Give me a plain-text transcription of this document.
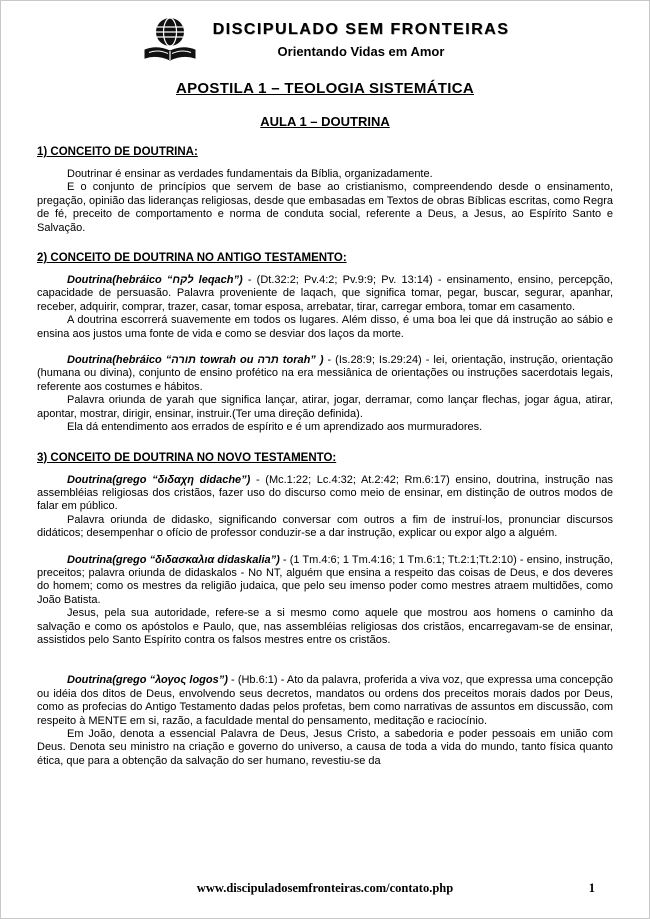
DISCIPULADO SEM FRONTEIRAS
Orientando Vidas em Amor
APOSTILA 1 – TEOLOGIA SISTEMÁTICA
AULA 1 – DOUTRINA
1) CONCEITO DE DOUTRINA:

Doutrinar é ensinar as verdades fundamentais da Bíblia, organizadamente.

E o conjunto de princípios que servem de base ao cristianismo, compreendendo desde o ensinamento, pregação, opinião das lideranças religiosas, desde que embasadas em Textos de obras Bíblicas escritas, como Regra de fé, preceito de comportamento e norma de conduta social, referente a Deus, a Jesus, ao Espírito Santo e Salvação.

2) CONCEITO DE DOUTRINA NO ANTIGO TESTAMENTO:

Doutrina(hebráico “לקח leqach”) - (Dt.32:2; Pv.4:2; Pv.9:9; Pv. 13:14) - ensinamento, ensino, percepção, capacidade de persuasão. Palavra proveniente de laqach, que significa tomar, pegar, buscar, segurar, apanhar, receber, adquirir, comprar, trazer, casar, tomar esposa, arrebatar, tirar, carregar embora, tomar em casamento.

A doutrina escorrerá suavemente em todos os lugares. Além disso, é uma boa lei que dá instrução ao sábio e ensina aos justos uma fonte de vida e como se desviar dos laços da morte.

Doutrina(hebráico “תורה towrah ou תרה torah” ) - (Is.28:9; Is.29:24) - lei, orientação, instrução, orientação (humana ou divina), conjunto de ensino profético na era messiânica de orientações ou instruções sacerdotais legais, referente aos costumes e hábitos.

Palavra oriunda de yarah que significa lançar, atirar, jogar, derramar, como lançar flechas, jogar água, atirar, apontar, mostrar, dirigir, ensinar, instruir.(Ter uma direção definida).

Ela dá entendimento aos errados de espírito e é um aprendizado aos murmuradores.

3) CONCEITO DE DOUTRINA NO NOVO TESTAMENTO:

Doutrina(grego “διδαχη didache”) - (Mc.1:22; Lc.4:32; At.2:42; Rm.6:17) ensino, doutrina, instrução nas assembléias religiosas dos cristãos, fazer uso do discurso como meio de ensinar, em distinção de outros modos de falar em público.

Palavra oriunda de didasko, significando conversar com outros a fim de instruí-los, pronunciar discursos didáticos; desempenhar o ofício de professor conduzir-se a dar instrução, explicar ou expor algo a alguém.

Doutrina(grego “διδασκαλια didaskalia”) - (1 Tm.4:6; 1 Tm.4:16; 1 Tm.6:1; Tt.2:1;Tt.2:10) - ensino, instrução, preceitos; palavra oriunda de didaskalos - No NT, alguém que ensina a respeito das coisas de Deus, e dos deveres do homem; como os mestres da religião judaica, que pelo seu imenso poder como mestres atraem multidões, como João Batista.

Jesus, pela sua autoridade, refere-se a si mesmo como aquele que mostrou aos homens o caminho da salvação e como os apóstolos e Paulo, que, nas assembléias religiosas dos cristãos, encarregavam-se de ensinar, assistidos pelo Santo Espírito contra os falsos mestres entre os cristãos.

Doutrina(grego “λογος logos”) - (Hb.6:1) - Ato da palavra, proferida a viva voz, que expressa uma concepção ou idéia dos ditos de Deus, envolvendo seus decretos, mandatos ou ordens dos preceitos morais dados por Deus, como as profecias do Antigo Testamento dadas pelos profetas, bem como narrativas de assuntos em discussão, com respeito à MENTE em si, razão, a faculdade mental do pensamento, meditação e raciocínio.

Em João, denota a essencial Palavra de Deus, Jesus Cristo, a sabedoria e poder pessoais em união com Deus. Denota seu ministro na criação e governo do universo, a causa de toda a vida do mundo, tanto física quanto ética, que para a obtenção da salvação do ser humano, revestiu-se da

www.discipuladosemfronteiras.com/contato.php	1
